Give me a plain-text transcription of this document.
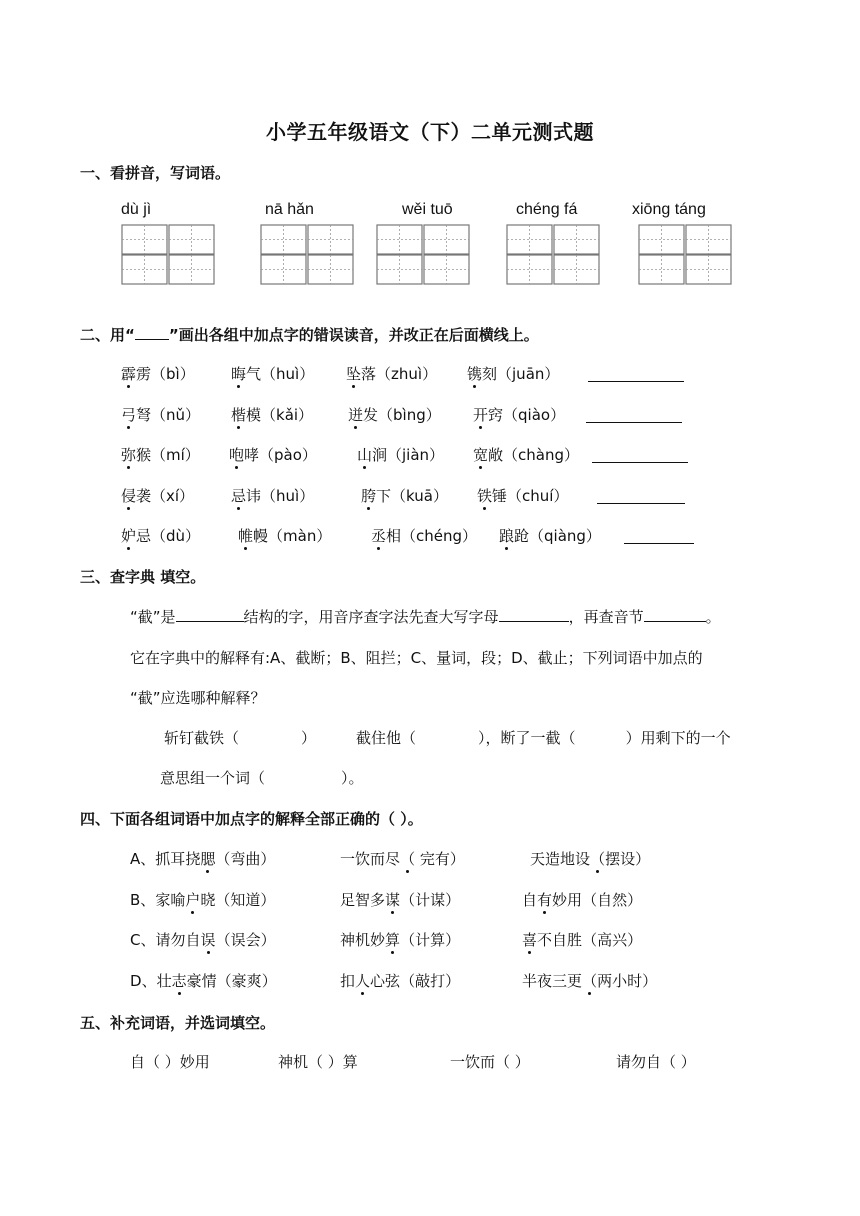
小学五年级语文（下）二单元测式题
一、看拼音，写词语。
dù jì	nā hǎn	wěi tuō	chéng fá	xiōng táng
二、用“ ”画出各组中加点字的错误读音，并改正在后面横线上。
霹雳（bì） 晦气（huì） 坠落（zhuì） 镌刻（juān）
弓弩（nǔ） 楷模（kǎi） 迸发（bìng） 开窍（qiào）
弥猴（mí） 咆哮（pào）	山涧（jiàn） 宽敞（chàng）
侵袭（xí） 忌讳（huì）	胯下（kuā） 铁锤（chuí）
妒忌（dù）	帷幔（màn）	丞相（chéng） 踉跄（qiàng）
三、查字典 填空。
“截”是	结构的字，用音序查字法先查大写字母	，再查音节	。
它在字典中的解释有:A、截断；B、阻拦；C、量词，段；D、截止；下列词语中加点的
“截”应选哪种解释？
斩钉截铁（	）	截住他（	），断了一截（	）用剩下的一个
意思组一个词（	）。
四、下面各组词语中加点字的解释全部正确的（ ）。
A、抓耳挠腮（弯曲）	一饮而尽（ 完有）	天造地设（摆设）
B、家喻户晓（知道）	足智多谋（计谋）	自有妙用（自然）
C、请勿自误（误会）	神机妙算（计算）	喜不自胜（高兴）
D、壮志豪情（豪爽）	扣人心弦（敲打）	半夜三更（两小时）
五、补充词语，并选词填空。
自（ ）妙用	神机（ ）算	一饮而（ ）	请勿自（ ）
